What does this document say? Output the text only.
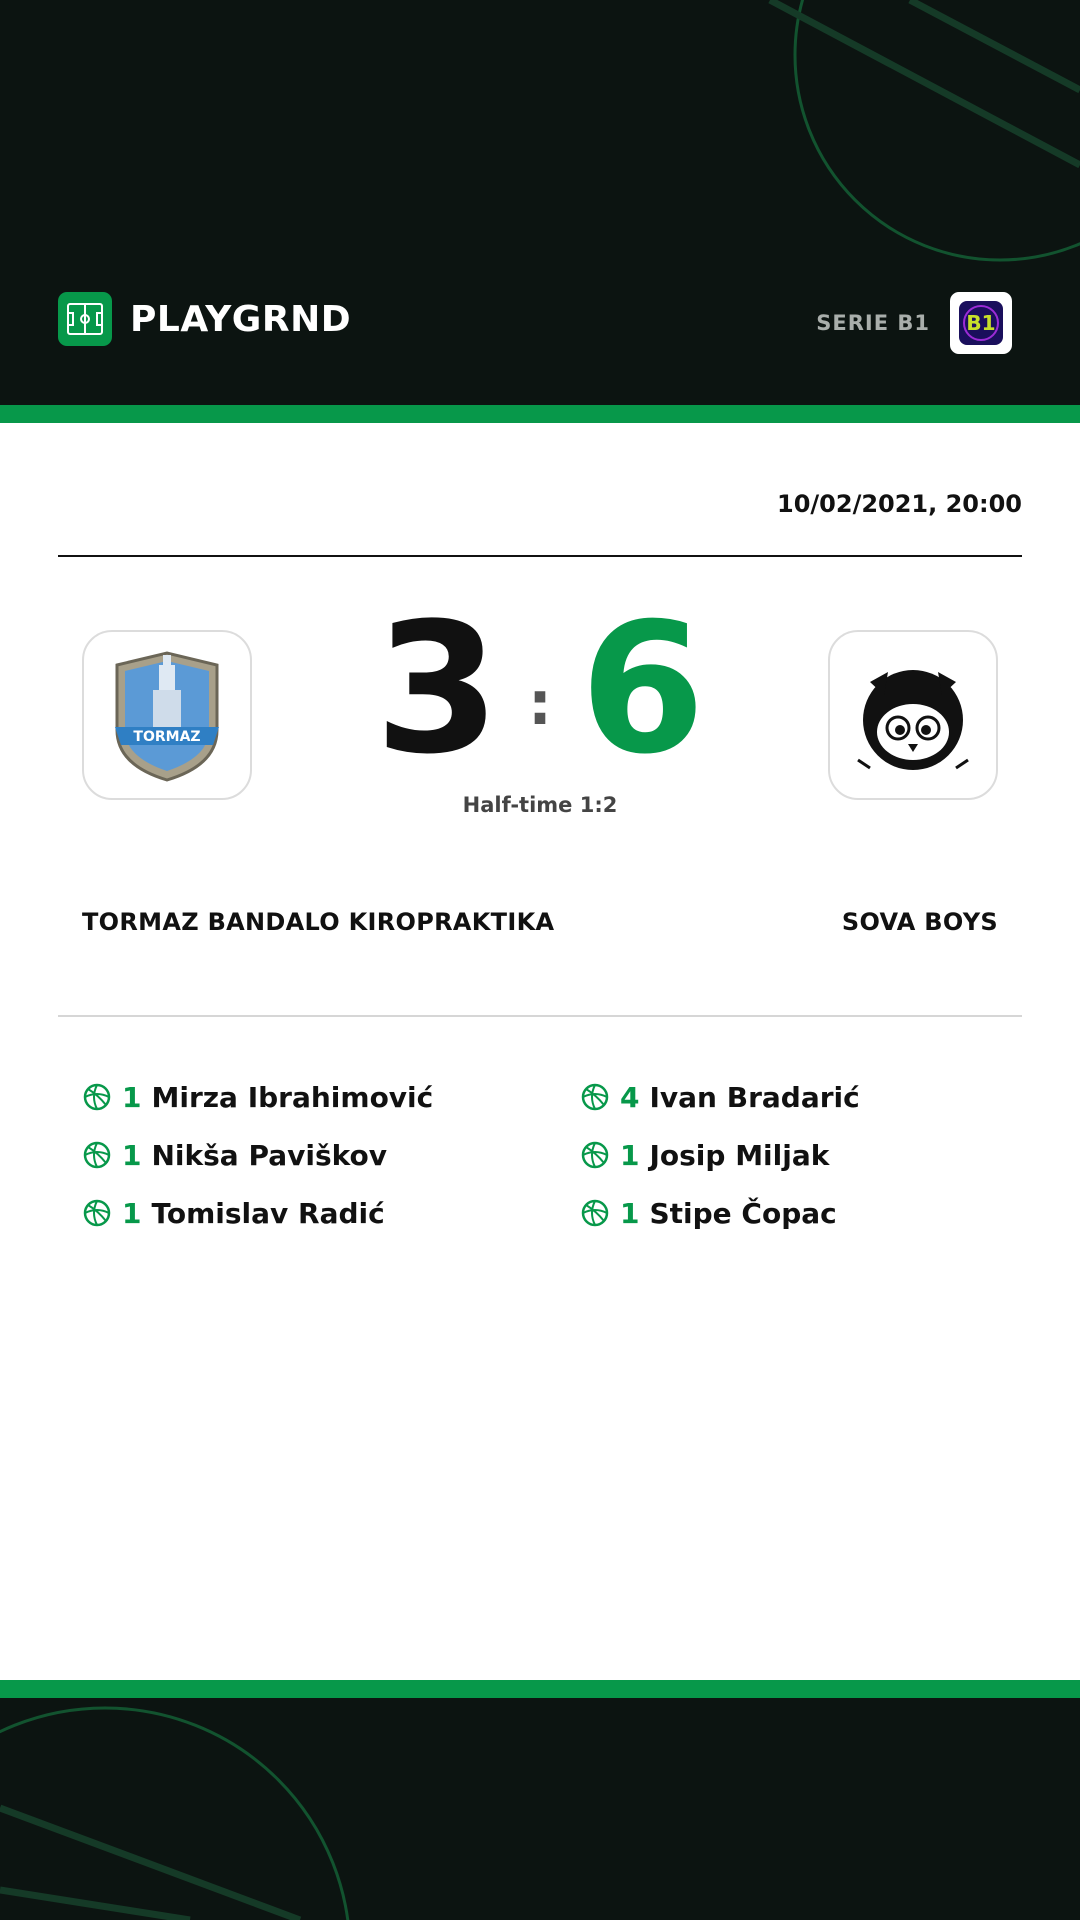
PLAYGRND	SERIE B1 B1
10/02/2021, 20:00
TORMAZ 3 : 6
Half-time 1:2
TORMAZ BANDALO KIROPRAKTIKA	SOVA BOYS
1 Mirza Ibrahimović
1 Nikša Paviškov
1 Tomislav Radić
4 Ivan Bradarić
1 Josip Miljak
1 Stipe Čopac
